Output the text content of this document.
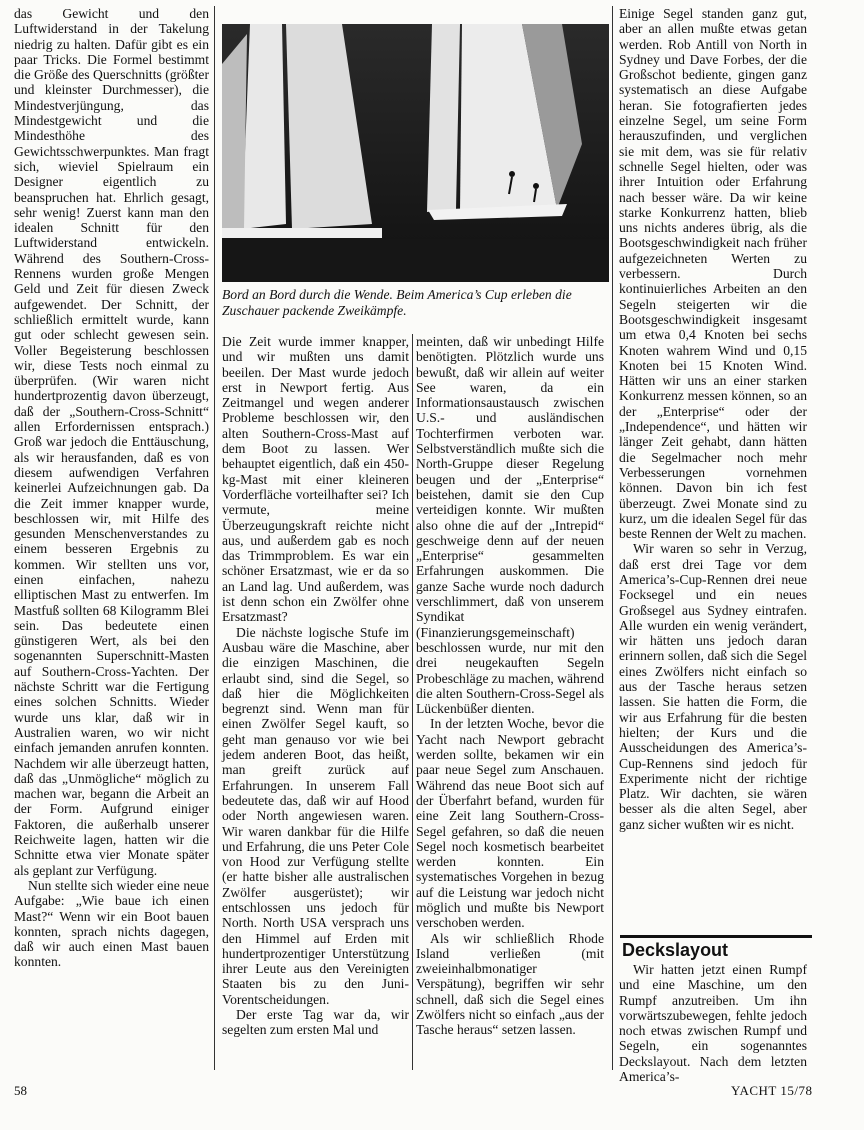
das Gewicht und den Luftwiderstand in der Takelung niedrig zu halten. Dafür gibt es ein paar Tricks. Die Formel bestimmt die Größe des Querschnitts (größter und kleinster Durchmesser), die Mindestverjüngung, das Mindestgewicht und die Mindesthöhe des Gewichtsschwerpunktes. Man fragt sich, wieviel Spielraum ein Designer eigentlich zu beanspruchen hat. Ehrlich gesagt, sehr wenig! Zuerst kann man den idealen Schnitt für den Luftwiderstand entwickeln. Während des Southern-Cross-Rennens wurden große Mengen Geld und Zeit für diesen Zweck aufgewendet. Der Schnitt, der schließlich ermittelt wurde, kann gut oder schlecht gewesen sein. Voller Begeisterung beschlossen wir, diese Tests noch einmal zu überprüfen. (Wir waren nicht hundertprozentig davon überzeugt, daß der „Southern-Cross-Schnitt“ allen Erfordernissen entsprach.) Groß war jedoch die Enttäuschung, als wir herausfanden, daß es von diesem aufwendigen Verfahren keinerlei Aufzeichnungen gab. Da die Zeit immer knapper wurde, beschlossen wir, mit Hilfe des gesunden Menschenverstandes zu einem besseren Ergebnis zu kommen. Wir stellten uns vor, einen einfachen, nahezu elliptischen Mast zu entwerfen. Im Mastfuß sollten 68 Kilogramm Blei sein. Das bedeutete einen günstigeren Wert, als bei den sogenannten Superschnitt-Masten auf Southern-Cross-Yachten. Der nächste Schritt war die Fertigung eines solchen Schnitts. Wieder wurde uns klar, daß wir in Australien waren, wo wir nicht einfach jemanden anrufen konnten. Nachdem wir alle überzeugt hatten, daß das „Unmögliche“ möglich zu machen war, begann die Arbeit an der Form. Aufgrund einiger Faktoren, die außerhalb unserer Reichweite lagen, hatten wir die Schnitte etwa vier Monate später als geplant zur Verfügung.

Nun stellte sich wieder eine neue Aufgabe: „Wie baue ich einen Mast?“ Wenn wir ein Boot bauen konnten, sprach nichts dagegen, daß wir auch einen Mast bauen konnten.

Bord an Bord durch die Wende. Beim America’s Cup erleben die Zuschauer packende Zweikämpfe.

Die Zeit wurde immer knapper, und wir mußten uns damit beeilen. Der Mast wurde jedoch erst in Newport fertig. Aus Zeitmangel und wegen anderer Probleme beschlossen wir, den alten Southern-Cross-Mast auf dem Boot zu lassen. Wer behauptet eigentlich, daß ein 450-kg-Mast mit einer kleineren Vorderfläche vorteilhafter sei? Ich vermute, meine Überzeugungskraft reichte nicht aus, und außerdem gab es noch das Trimmproblem. Es war ein schöner Ersatzmast, wie er da so an Land lag. Und außerdem, was ist denn schon ein Zwölfer ohne Ersatzmast?

Die nächste logische Stufe im Ausbau wäre die Maschine, aber die einzigen Maschinen, die erlaubt sind, sind die Segel, so daß hier die Möglichkeiten begrenzt sind. Wenn man für einen Zwölfer Segel kauft, so geht man genauso vor wie bei jedem anderen Boot, das heißt, man greift zurück auf Erfahrungen. In unserem Fall bedeutete das, daß wir auf Hood oder North angewiesen waren. Wir waren dankbar für die Hilfe und Erfahrung, die uns Peter Cole von Hood zur Verfügung stellte (er hatte bisher alle australischen Zwölfer ausgerüstet); wir entschlossen uns jedoch für North. North USA versprach uns den Himmel auf Erden mit hundertprozentiger Unterstützung ihrer Leute aus den Vereinigten Staaten bis zu den Juni-Vorentscheidungen.

Der erste Tag war da, wir segelten zum ersten Mal und

meinten, daß wir unbedingt Hilfe benötigten. Plötzlich wurde uns bewußt, daß wir allein auf weiter See waren, da ein Informationsaustausch zwischen U.S.- und ausländischen Tochterfirmen verboten war. Selbstverständlich mußte sich die North-Gruppe dieser Regelung beugen und der „Enterprise“ beistehen, damit sie den Cup verteidigen konnte. Wir mußten also ohne die auf der „Intrepid“ geschweige denn auf der neuen „Enterprise“ gesammelten Erfahrungen auskommen. Die ganze Sache wurde noch dadurch verschlimmert, daß von unserem Syndikat (Finanzierungsgemeinschaft) beschlossen wurde, nur mit den drei neugekauften Segeln Probeschläge zu machen, während die alten Southern-Cross-Segel als Lückenbüßer dienten.

In der letzten Woche, bevor die Yacht nach Newport gebracht werden sollte, bekamen wir ein paar neue Segel zum Anschauen. Während das neue Boot sich auf der Überfahrt befand, wurden für eine Zeit lang Southern-Cross-Segel gefahren, so daß die neuen Segel noch kosmetisch bearbeitet werden konnten. Ein systematisches Vorgehen in bezug auf die Leistung war jedoch nicht möglich und mußte bis Newport verschoben werden.

Als wir schließlich Rhode Island verließen (mit zweieinhalbmonatiger Verspätung), begriffen wir sehr schnell, daß sich die Segel eines Zwölfers nicht so einfach „aus der Tasche heraus“ setzen lassen.

Einige Segel standen ganz gut, aber an allen mußte etwas getan werden. Rob Antill von North in Sydney und Dave Forbes, der die Großschot bediente, gingen ganz systematisch an diese Aufgabe heran. Sie fotografierten jedes einzelne Segel, um seine Form herauszufinden, und verglichen sie mit dem, was sie für relativ schnelle Segel hielten, oder was ihrer Intuition oder Erfahrung nach besser wäre. Da wir keine starke Konkurrenz hatten, blieb uns nichts anderes übrig, als die Bootsgeschwindigkeit nach früher aufgezeichneten Werten zu verbessern. Durch kontinuierliches Arbeiten an den Segeln steigerten wir die Bootsgeschwindigkeit insgesamt um etwa 0,4 Knoten bei sechs Knoten wahrem Wind und 0,15 Knoten bei 15 Knoten Wind. Hätten wir uns an einer starken Konkurrenz messen können, so an der „Enterprise“ oder der „Independence“, und hätten wir länger Zeit gehabt, dann hätten die Segelmacher noch mehr Verbesserungen vornehmen können. Davon bin ich fest überzeugt. Zwei Monate sind zu kurz, um die idealen Segel für das beste Rennen der Welt zu machen.

Wir waren so sehr in Verzug, daß erst drei Tage vor dem America’s-Cup-Rennen drei neue Focksegel und ein neues Großsegel aus Sydney eintrafen. Alle wurden ein wenig verändert, wir hätten uns jedoch daran erinnern sollen, daß sich die Segel eines Zwölfers nicht einfach so aus der Tasche heraus setzen lassen. Sie hatten die Form, die wir aus Erfahrung für die besten hielten; der Kurs und die Ausscheidungen des America’s-Cup-Rennens sind jedoch für Experimente nicht der richtige Platz. Wir dachten, sie wären besser als die alten Segel, aber ganz sicher wußten wir es nicht.

Deckslayout

Wir hatten jetzt einen Rumpf und eine Maschine, um den Rumpf anzutreiben. Um ihn vorwärtszubewegen, fehlte jedoch noch etwas zwischen Rumpf und Segeln, ein sogenanntes Deckslayout. Nach dem letzten America’s-

58	YACHT 15/78
